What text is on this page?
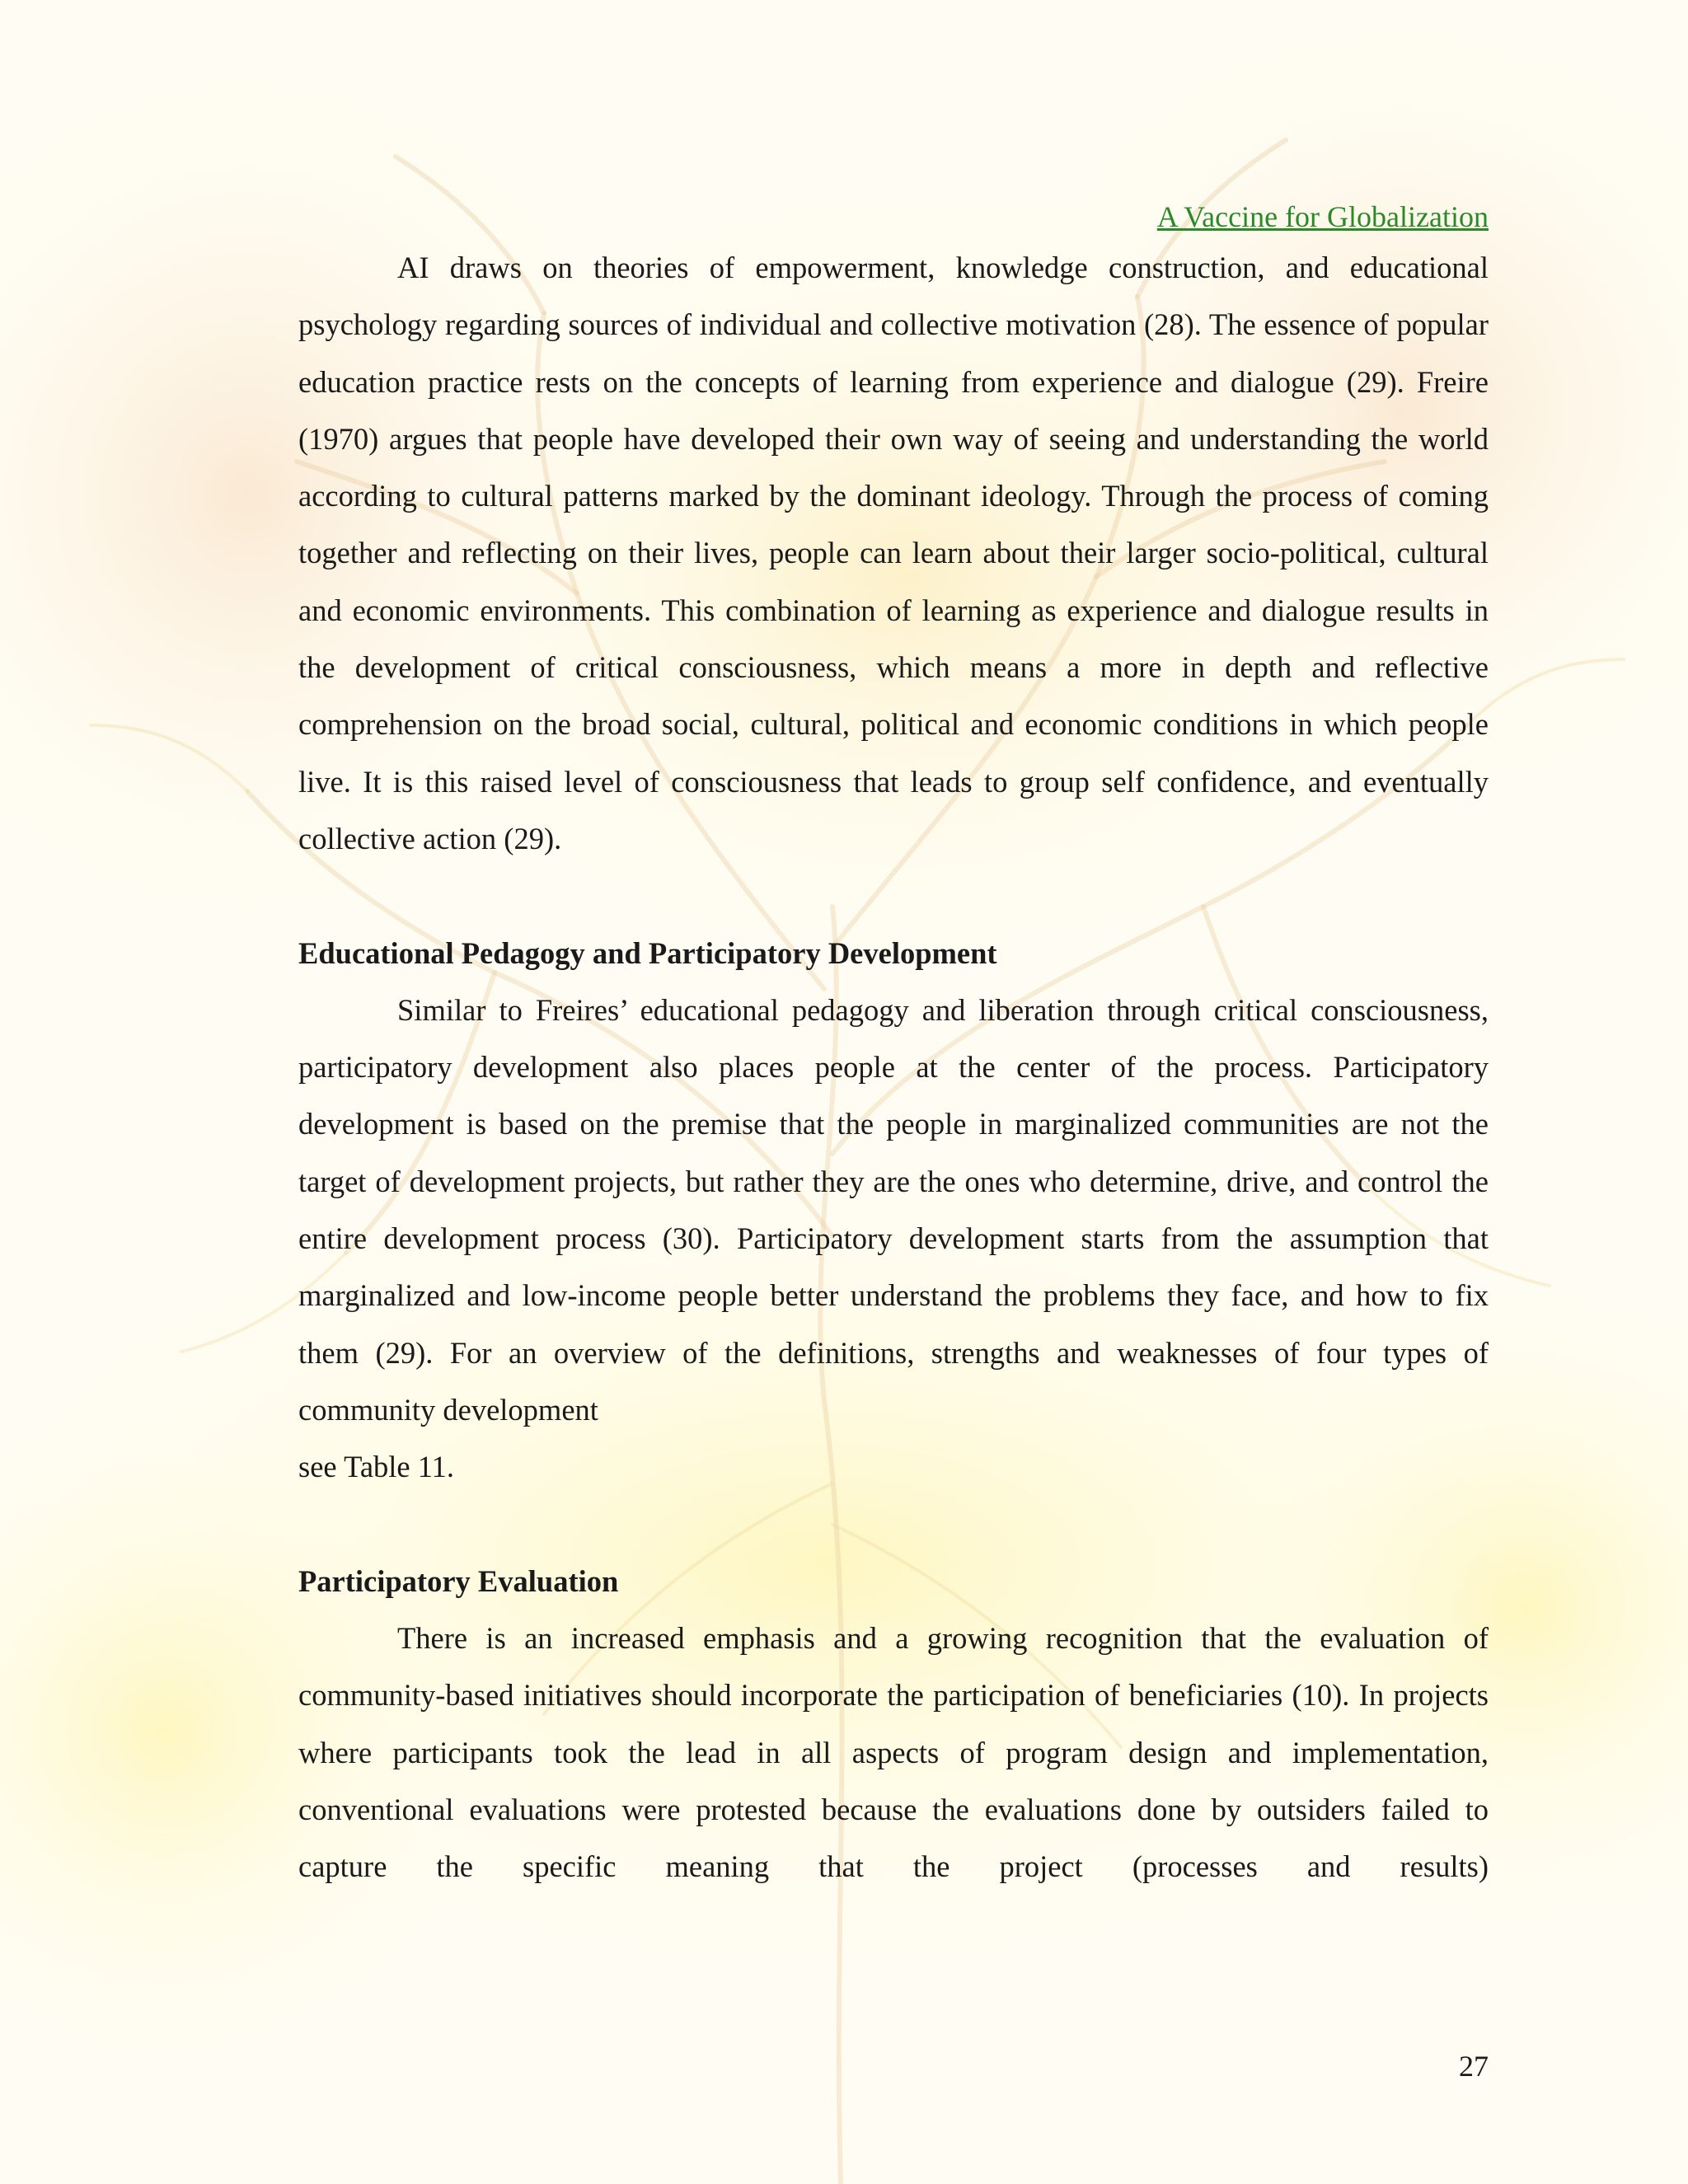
A Vaccine for Globalization

AI draws on theories of empowerment, knowledge construction, and educational psychology regarding sources of individual and collective motivation (28). The essence of popular education practice rests on the concepts of learning from experience and dialogue (29). Freire (1970) argues that people have developed their own way of seeing and understanding the world according to cultural patterns marked by the dominant ideology. Through the process of coming together and reflecting on their lives, people can learn about their larger socio-political, cultural and economic environments. This combination of learning as experience and dialogue results in the development of critical consciousness, which means a more in depth and reflective comprehension on the broad social, cultural, political and economic conditions in which people live. It is this raised level of consciousness that leads to group self confidence, and eventually collective action (29).

Educational Pedagogy and Participatory Development

Similar to Freires’ educational pedagogy and liberation through critical consciousness, participatory development also places people at the center of the process. Participatory development is based on the premise that the people in marginalized communities are not the target of development projects, but rather they are the ones who determine, drive, and control the entire development process (30). Participatory development starts from the assumption that marginalized and low-income people better understand the problems they face, and how to fix them (29). For an overview of the definitions, strengths and weaknesses of four types of community development

see Table 11.

Participatory Evaluation

There is an increased emphasis and a growing recognition that the evaluation of community-based initiatives should incorporate the participation of beneficiaries (10). In projects where participants took the lead in all aspects of program design and implementation, conventional evaluations were protested because the evaluations done by outsiders failed to capture the specific meaning that the project (processes and results)

27
